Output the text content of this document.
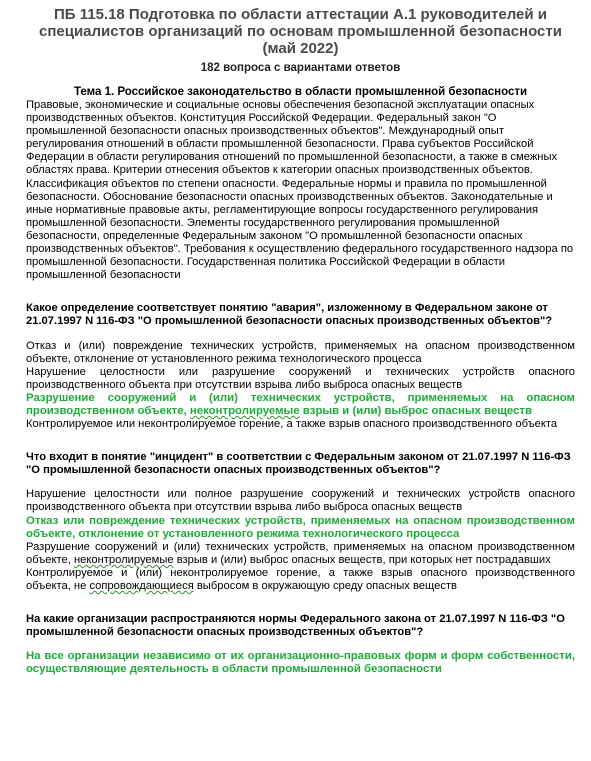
ПБ 115.18 Подготовка по области аттестации А.1 руководителей и специалистов организаций по основам промышленной безопасности (май 2022)

182 вопроса с вариантами ответов

Тема 1. Российское законодательство в области промышленной безопасности

Правовые, экономические и социальные основы обеспечения безопасной эксплуатации опасных производственных объектов. Конституция Российской Федерации. Федеральный закон "О промышленной безопасности опасных производственных объектов". Международный опыт регулирования отношений в области промышленной безопасности. Права субъектов Российской Федерации в области регулирования отношений по промышленной безопасности, а также в смежных областях права. Критерии отнесения объектов к категории опасных производственных объектов. Классификация объектов по степени опасности. Федеральные нормы и правила по промышленной безопасности. Обоснование безопасности опасных производственных объектов. Законодательные и иные нормативные правовые акты, регламентирующие вопросы государственного регулирования промышленной безопасности. Элементы государственного регулирования промышленной безопасности, определенные Федеральным законом "О промышленной безопасности опасных производственных объектов". Требования к осуществлению федерального государственного надзора по промышленной безопасности. Государственная политика Российской Федерации в области промышленной безопасности

Какое определение соответствует понятию "авария", изложенному в Федеральном законе от 21.07.1997 N 116-ФЗ "О промышленной безопасности опасных производственных объектов"?

Отказ и (или) повреждение технических устройств, применяемых на опасном производственном объекте, отклонение от установленного режима технологического процесса

Нарушение целостности или разрушение сооружений и технических устройств опасного производственного объекта при отсутствии взрыва либо выброса опасных веществ

Разрушение сооружений и (или) технических устройств, применяемых на опасном производственном объекте, неконтролируемые взрыв и (или) выброс опасных веществ

Контролируемое или неконтролируемое горение, а также взрыв опасного производственного объекта

Что входит в понятие "инцидент" в соответствии с Федеральным законом от 21.07.1997 N 116-ФЗ "О промышленной безопасности опасных производственных объектов"?

Нарушение целостности или полное разрушение сооружений и технических устройств опасного производственного объекта при отсутствии взрыва либо выброса опасных веществ

Отказ или повреждение технических устройств, применяемых на опасном производственном объекте, отклонение от установленного режима технологического процесса

Разрушение сооружений и (или) технических устройств, применяемых на опасном производственном объекте, неконтролируемые взрыв и (или) выброс опасных веществ, при которых нет пострадавших

Контролируемое и (или) неконтролируемое горение, а также взрыв опасного производственного объекта, не сопровождающиеся выбросом в окружающую среду опасных веществ

На какие организации распространяются нормы Федерального закона от 21.07.1997 N 116-ФЗ "О промышленной безопасности опасных производственных объектов"?

На все организации независимо от их организационно-правовых форм и форм собственности, осуществляющие деятельность в области промышленной безопасности
